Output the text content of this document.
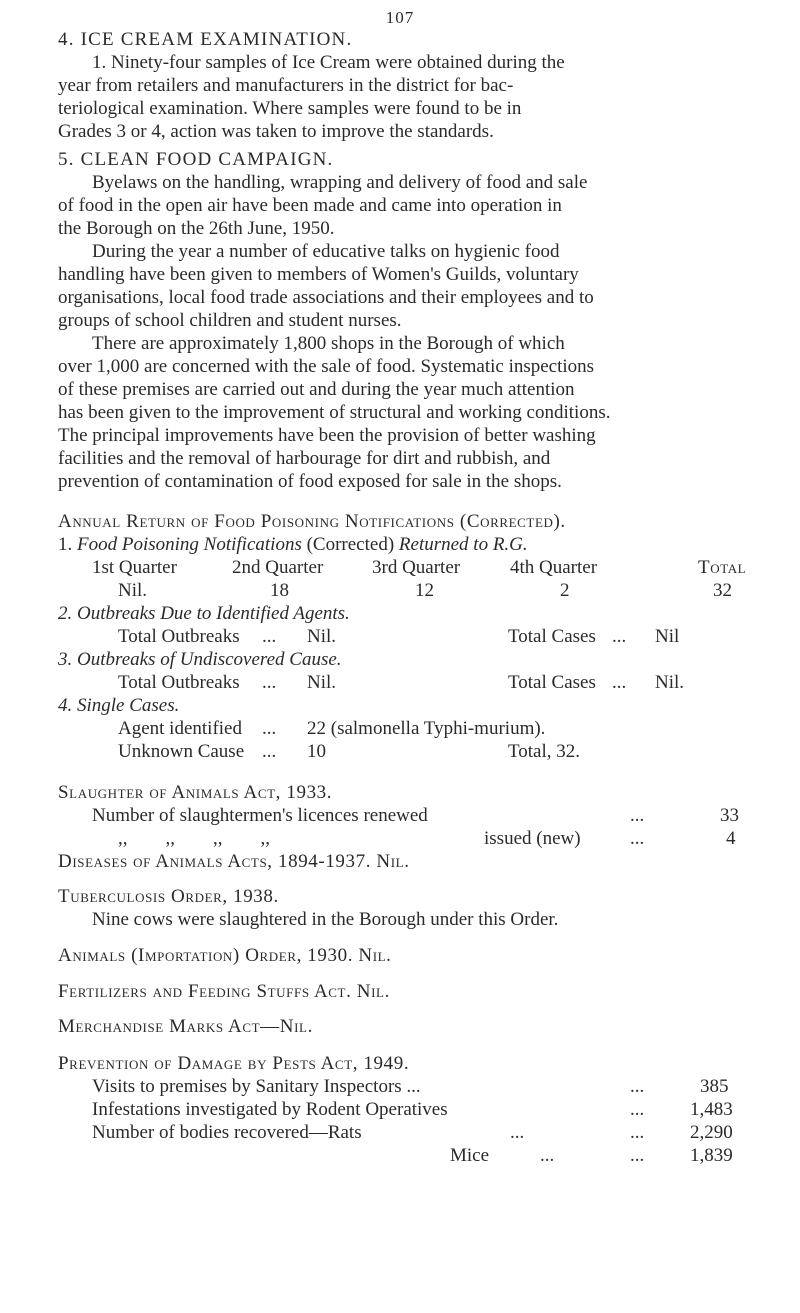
107
4. ICE CREAM EXAMINATION.
1. Ninety-four samples of Ice Cream were obtained during the
year from retailers and manufacturers in the district for bac-
teriological examination. Where samples were found to be in
Grades 3 or 4, action was taken to improve the standards.
5. CLEAN FOOD CAMPAIGN.
Byelaws on the handling, wrapping and delivery of food and sale
of food in the open air have been made and came into operation in
the Borough on the 26th June, 1950.
During the year a number of educative talks on hygienic food
handling have been given to members of Women's Guilds, voluntary
organisations, local food trade associations and their employees and to
groups of school children and student nurses.
There are approximately 1,800 shops in the Borough of which
over 1,000 are concerned with the sale of food. Systematic inspections
of these premises are carried out and during the year much attention
has been given to the improvement of structural and working conditions.
The principal improvements have been the provision of better washing
facilities and the removal of harbourage for dirt and rubbish, and
prevention of contamination of food exposed for sale in the shops.
Annual Return of Food Poisoning Notifications (Corrected).
1. Food Poisoning Notifications (Corrected) Returned to R.G.
1st Quarter	2nd Quarter	3rd Quarter	4th Quarter	Total
Nil.	18	12	2	32
2. Outbreaks Due to Identified Agents.
Total Outbreaks ... Nil.	Total Cases ... Nil
3. Outbreaks of Undiscovered Cause.
Total Outbreaks ... Nil.	Total Cases ... Nil.
4. Single Cases.
Agent identified ... 22 (salmonella Typhi-murium).
Unknown Cause ... 10	Total, 32.
Slaughter of Animals Act, 1933.
Number of slaughtermen's licences renewed	...	33
,,        ,,        ,,        ,,	issued (new)	...	4
Diseases of Animals Acts, 1894-1937. Nil.
Tuberculosis Order, 1938.
Nine cows were slaughtered in the Borough under this Order.
Animals (Importation) Order, 1930. Nil.
Fertilizers and Feeding Stuffs Act. Nil.
Merchandise Marks Act—Nil.
Prevention of Damage by Pests Act, 1949.
Visits to premises by Sanitary Inspectors ...	...	385
Infestations investigated by Rodent Operatives	... 1,483
Number of bodies recovered—Rats	...	... 2,290
Mice	...	... 1,839
